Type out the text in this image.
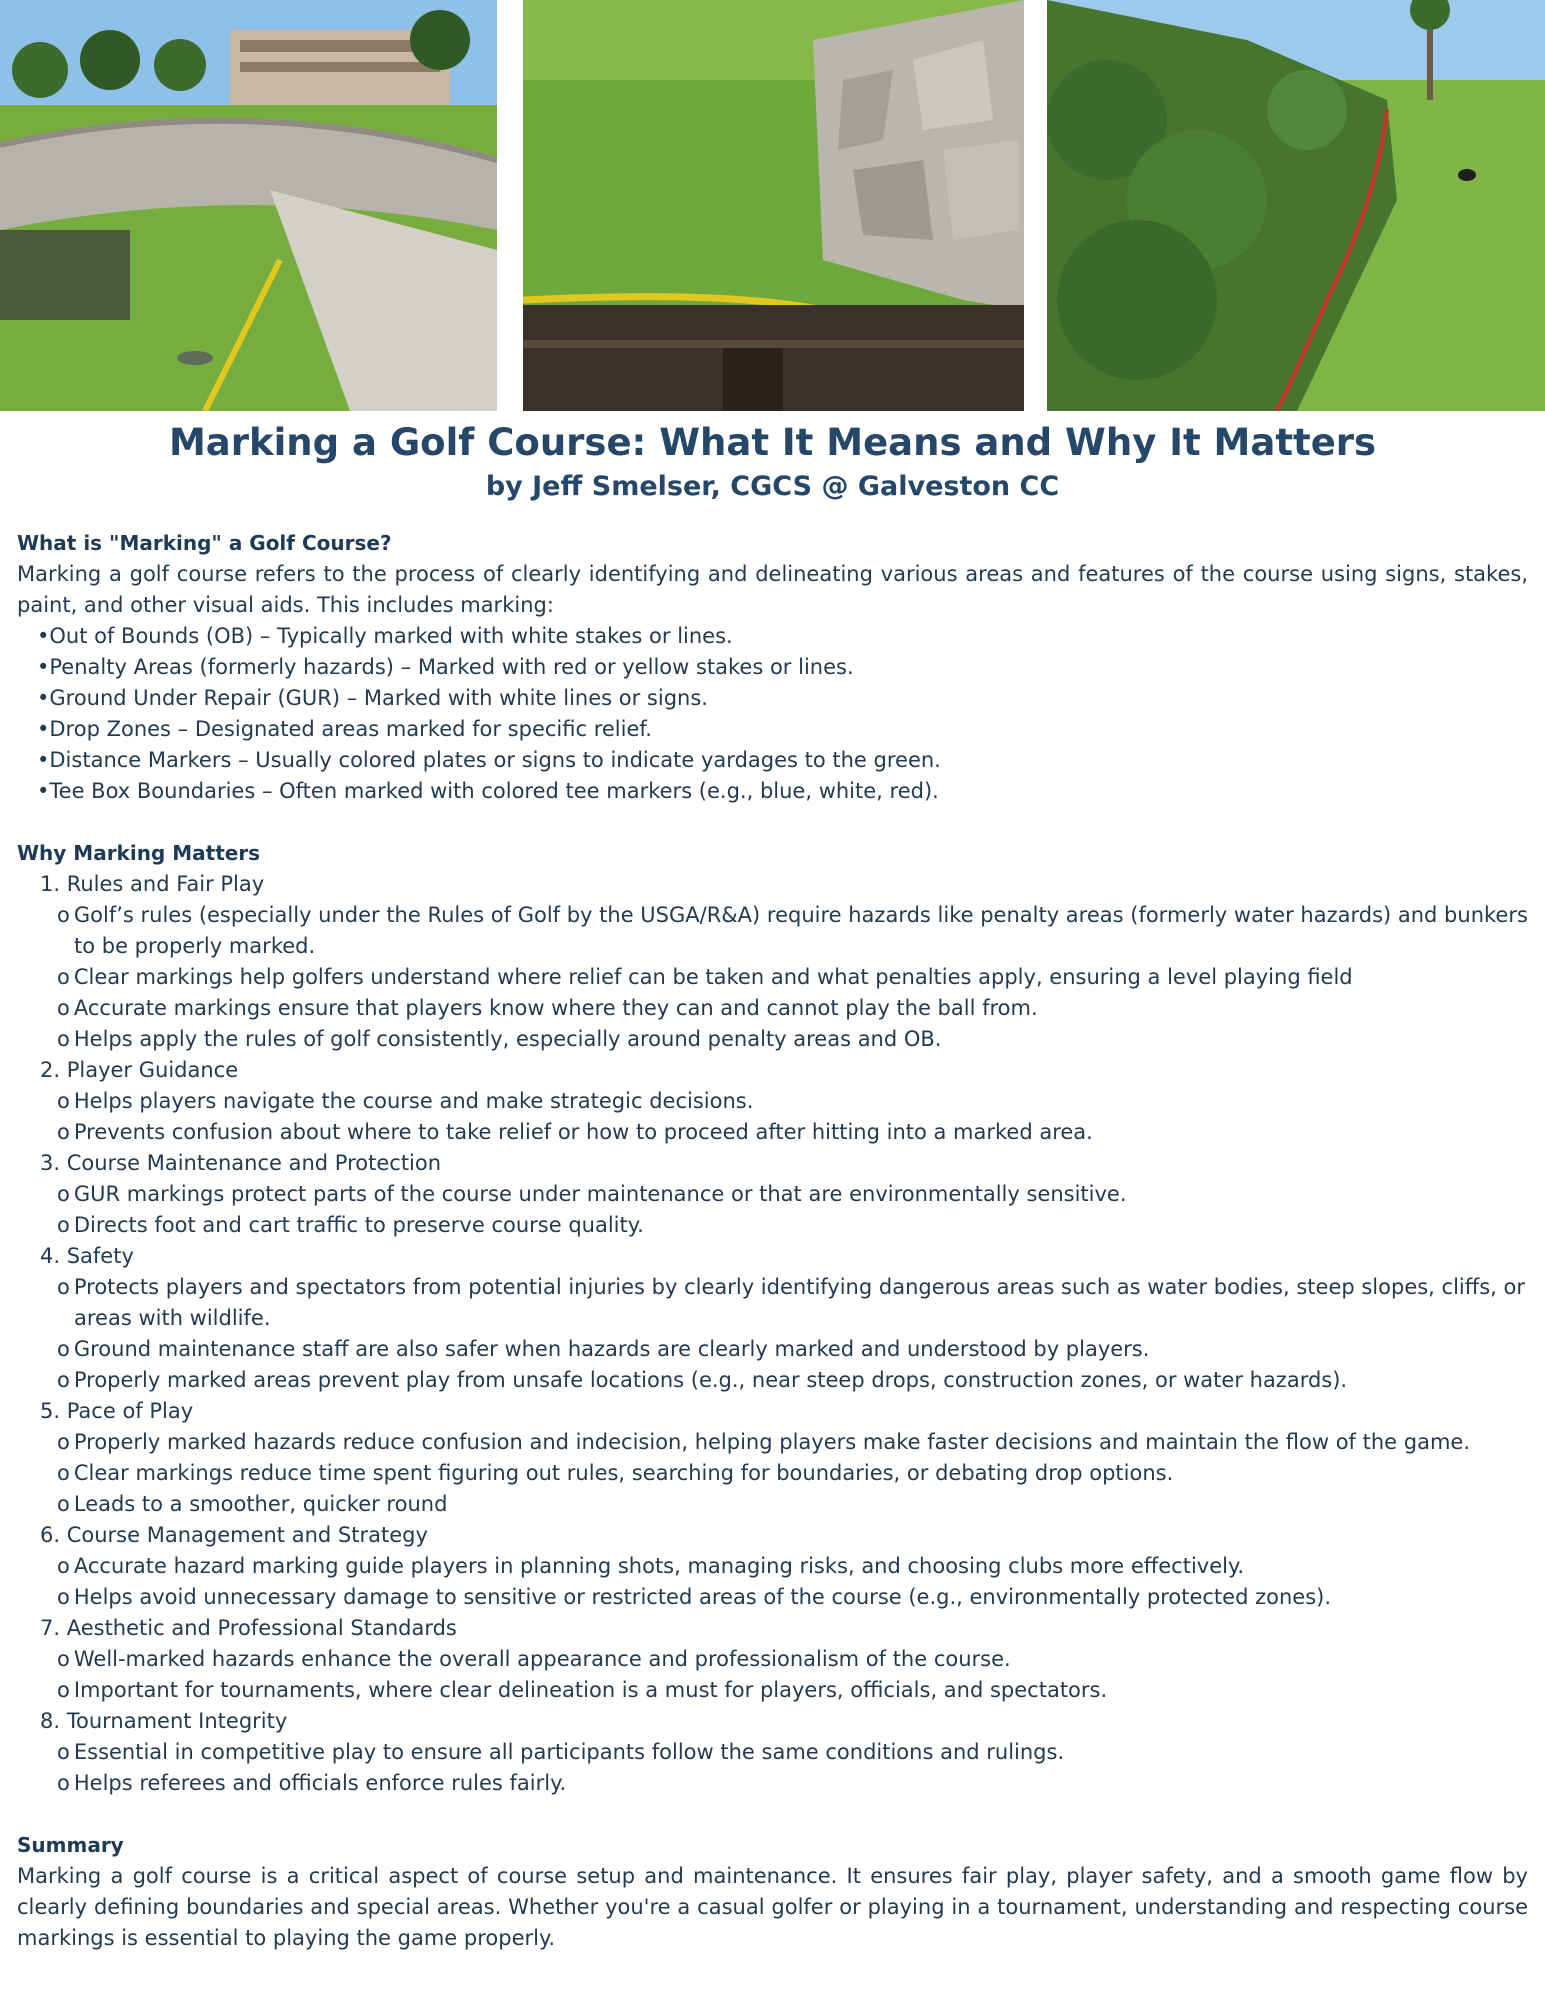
Marking a Golf Course: What It Means and Why It Matters
by Jeff Smelser, CGCS @ Galveston CC

What is "Marking" a Golf Course?

Marking a golf course refers to the process of clearly identifying and delineating various areas and features of the course using signs, stakes, paint, and other visual aids. This includes marking:

• Out of Bounds (OB) – Typically marked with white stakes or lines.
• Penalty Areas (formerly hazards) – Marked with red or yellow stakes or lines.
• Ground Under Repair (GUR) – Marked with white lines or signs.
• Drop Zones – Designated areas marked for specific relief.
• Distance Markers – Usually colored plates or signs to indicate yardages to the green.
• Tee Box Boundaries – Often marked with colored tee markers (e.g., blue, white, red).

Why Marking Matters

1. Rules and Fair Play

o Golf’s rules (especially under the Rules of Golf by the USGA/R&A) require hazards like penalty areas (formerly water hazards) and bunkers to be properly marked.

o Clear markings help golfers understand where relief can be taken and what penalties apply, ensuring a level playing field

o Accurate markings ensure that players know where they can and cannot play the ball from.

o Helps apply the rules of golf consistently, especially around penalty areas and OB.

2. Player Guidance

o Helps players navigate the course and make strategic decisions.

o Prevents confusion about where to take relief or how to proceed after hitting into a marked area.

3. Course Maintenance and Protection

o GUR markings protect parts of the course under maintenance or that are environmentally sensitive.

o Directs foot and cart traffic to preserve course quality.

4. Safety

o Protects players and spectators from potential injuries by clearly identifying dangerous areas such as water bodies, steep slopes, cliffs, or areas with wildlife.

o Ground maintenance staff are also safer when hazards are clearly marked and understood by players.

o Properly marked areas prevent play from unsafe locations (e.g., near steep drops, construction zones, or water hazards).

5. Pace of Play

o Properly marked hazards reduce confusion and indecision, helping players make faster decisions and maintain the flow of the game.

o Clear markings reduce time spent figuring out rules, searching for boundaries, or debating drop options.

o Leads to a smoother, quicker round

6. Course Management and Strategy

o Accurate hazard marking guide players in planning shots, managing risks, and choosing clubs more effectively.

o Helps avoid unnecessary damage to sensitive or restricted areas of the course (e.g., environmentally protected zones).

7. Aesthetic and Professional Standards

o Well-marked hazards enhance the overall appearance and professionalism of the course.

o Important for tournaments, where clear delineation is a must for players, officials, and spectators.

8. Tournament Integrity

o Essential in competitive play to ensure all participants follow the same conditions and rulings.

o Helps referees and officials enforce rules fairly.

Summary

Marking a golf course is a critical aspect of course setup and maintenance. It ensures fair play, player safety, and a smooth game flow by clearly defining boundaries and special areas. Whether you're a casual golfer or playing in a tournament, understanding and respecting course markings is essential to playing the game properly.
